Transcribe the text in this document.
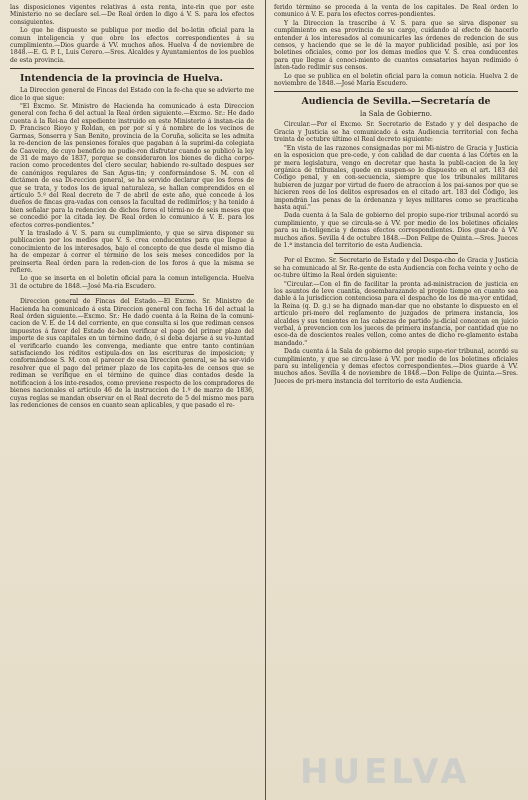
las disposiciones vigentes relativas á esta renta, inte-rin que por este Ministerio no se declare sel.—De Real órden lo digo á V. S. para los efectos consiguientes.

Lo que he dispuesto se publique por medio del bo-letin oficial para la comun inteligencia y que obre los efectos correspondientes á su cumplimiento.—Dios guarde á VV. muchos años. Huelva 4 de noviembre de 1848.—E. G. P. I., Luis Cerero.—Sres. Alcaldes y Ayuntamientos de los pueblos de esta provincia.

Intendencia de la provincia de Huelva.

La Direccion general de Fincas del Estado con la fe-cha que se advierte me dice lo que sigue:

"El Excmo. Sr. Ministro de Hacienda ha comunicado á esta Direccion general con fecha 6 del actual la Real órden siguiente.—Excmo. Sr.: He dado cuenta á la Rei-na del expediente instruido en este Ministerio á instan-cia de D. Francisco Rioyo y Roldan, en por por sí y á nombre de los vecinos de Garmas, Sonserra y San Benito, provincia de la Coruña, solicita se les admita la re-dencion de las pensiones forales que pagaban á la suprimi-da colegiata de Caaveiro, de cuyo beneficio no pudie-ron disfrutar cuando se publicó la ley de 31 de mayo de 1837, porque se consideraron los bienes de dicha corpo-racion como procedentes del clero secular, habiendo re-sultado despues ser de canónigos regulares de San Agus-tin; y conformándose S. M. con el dictámen de esa Di-reccion general, se ha servido declarar que los foros de que se trata, y todos los de igual naturaleza, se hallan comprendidos en el artículo 5.º del Real decreto de 7 de abril de este año, que concede á los dueños de fincas gra-vadas con censos la facultad de redimirlos; y ha tenido á bien señalar para la redencion de dichos foros el térmi-no de seis meses que se concedió por la citada ley. De Real órden lo comunico á V. E. para los efectos corres-pondientes."

Y la traslado á V. S. para su cumplimiento, y que se sirva disponer su publicacion por los medios que V. S. crea conducentes para que llegue á conocimiento de los interesados, bajo el concepto de que desde el mismo dia ha de empezar á correr el término de los seis meses concedidos por la preinserta Real órden para la reden-cion de los foros á que la misma se refiere.

Lo que se inserta en el boletin oficial para la comun inteligencia. Huelva 31 de octubre de 1848.—José Ma-ria Escudero.

Direccion general de Fincas del Estado.—El Excmo. Sr. Ministro de Hacienda ha comunicado á esta Direccion general con fecha 16 del actual la Real órden siguiente.—Excmo. Sr.: He dado cuenta á la Reina de la comuni-cacion de V. E. de 14 del corriente, en que consulta si los que rediman censos impuestos á favor del Estado de-ben verificar el pago del primer plazo del importe de sus capitales en un término dado, ó si deba dejarse á su vo-luntad el verificarlo cuando les convenga, mediante que entre tanto continúan satisfaciendo los réditos estipula-dos en las escrituras de imposicion; y conformándose S. M. con el parecer de esa Direccion general, se ha ser-vido resolver que el pago del primer plazo de los capita-les de censos que se rediman se verifique en el término de quince dias contados desde la notificacion á los inte-resados, como previene respecto de los compradores de bienes nacionales el artículo 46 de la instruccion de 1.º de marzo de 1836, cuyas reglas se mandan observar en el Real decreto de 5 del mismo mes para las redenciones de censos en cuanto sean aplicables, y que pasado el re-

ferido término se proceda á la venta de los capitales. De Real órden lo comunico á V. E. para los efectos corres-pondientes.

Y la Direccion la trascribe á V. S. para que se sirva disponer su cumplimiento en esa provincia de su cargo, cuidando al efecto de hacerlo entender á los interesados al comunicarles las órdenes de redencion de sus censos, y haciendo que se le dé la mayor publicidad posible, así por los boletines oficiales, como por los demas medios que V. S. crea conducentes para que llegue á conoci-miento de cuantos censatarios hayan redimido ó inten-tado redimir sus censos.

Lo que se publica en el boletin oficial para la comun noticia. Huelva 2 de noviembre de 1848.—José María Escudero.

Audiencia de Sevilla.—Secretaría de
la Sala de Gobierno.

Circular.—Por el Excmo. Sr. Secretario de Estado y y del despacho de Gracia y Justicia se ha comunicado á esta Audiencia territorial con fecha treinta de octubre último el Real decreto siguiente:

"En vista de las razones consignadas por mi Mi-nistro de Gracia y Justicia en la esposicion que pre-cede, y con calidad de dar cuenta á las Córtes en la pr mera legislatura, vengo en decretar que hasta la publi-cacion de la ley orgánica de tribunales, quede en suspen-so lo dispuesto en el art. 183 del Código penal, y en con-secuencia, siempre que los tribunales militares hubieren de juzgar por virtud de fuero de atraccion á los pai-sanos por que se hicieren reos de los delitos espresados en el citado art. 183 del Código, les impondrán las penas de la órdenanza y leyes militares como se practicaba hasta aquí."

Dada cuenta á la Sala de gobierno del propio supe-rior tribunal acordó su cumplimiento, y que se circula-se á VV. por medio de los boletines oficiales para su in-teligencia y demas efectos correspondientes. Dios guar-de á VV. muchos años. Sevilla 4 de octubre 1848.—Don Felipe de Quinta.—Sres. Jueces de 1.ª instancia del territorio de esta Audiencia.

Por el Excmo. Sr. Secretario de Estado y del Despa-cho de Gracia y Justicia se ha comunicado al Sr. Re-gente de esta Audiencia con fecha veinte y ocho de oc-tubre último la Real órden siguiente:

"Circular.—Con el fin de facilitar la pronta ad-ministracion de justicia en los asuntos de leve cuantía, desembarazando al propio tiempo en cuanto sea dable á la jurisdiccion contenciosa para el despacho de los de ma-yor entidad, la Reina (q. D. g.) se ha dignado man-dar que no obstante lo dispuesto en el artículo pri-mero del reglamento de juzgados de primera instancia, los alcaldes y sus tenientes en las cabezas de partido ju-dicial conozcan en juicio verbal, á prevencion con los jueces de primera instancia, por cantidad que no esce-da de doscientos reales vellon, como antes de dicho re-glamento estaba mandado."

Dada cuenta á la Sala de gobierno del propio supe-rior tribunal, acordó su cumplimiento, y que se circu-lase á VV. por medio de los boletines oficiales para su inteligencia y demas efectos correspondientes.—Dios guarde á VV. muchos años. Sevilla 4 de noviembre de 1848.—Don Felipe de Quinta.—Sres. Jueces de pri-mera instancia del territorio de esta Audiencia.

HUELVA
